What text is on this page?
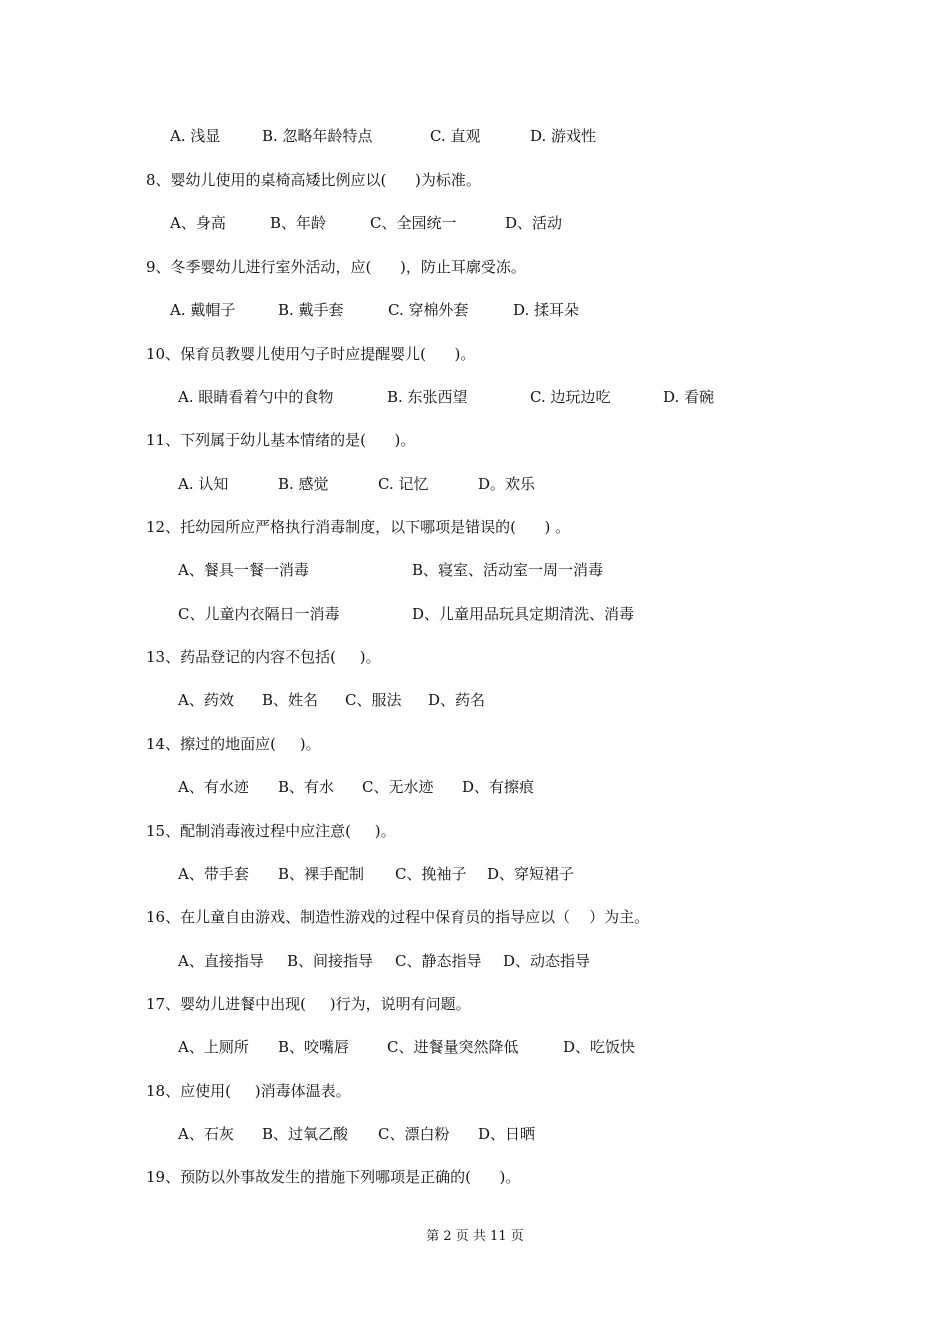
A. 浅显	B. 忽略年龄特点	C. 直观	D. 游戏性
8、婴幼儿使用的桌椅高矮比例应以(      )为标准。
A、身高	B、年龄	C、全园统一	D、活动
9、冬季婴幼儿进行室外活动，应(      )，防止耳廓受冻。
A. 戴帽子	B. 戴手套	C. 穿棉外套	D. 揉耳朵
10、保育员教婴儿使用勺子时应提醒婴儿(      )。
A. 眼睛看着勺中的食物	B. 东张西望	C. 边玩边吃	D. 看碗
11、下列属于幼儿基本情绪的是(      )。
A. 认知	B. 感觉	C. 记忆	D。欢乐
12、托幼园所应严格执行消毒制度，以下哪项是错误的(      ) 。
A、餐具一餐一消毒	B、寝室、活动室一周一消毒
C、儿童内衣隔日一消毒	D、儿童用品玩具定期清洗、消毒
13、药品登记的内容不包括(     )。
A、药效 B、姓名 C、服法 D、药名
14、擦过的地面应(     )。
A、有水迹 B、有水 C、无水迹 D、有擦痕
15、配制消毒液过程中应注意(     )。
A、带手套 B、裸手配制 C、挽袖子 D、穿短裙子
16、在儿童自由游戏、制造性游戏的过程中保育员的指导应以（    ）为主。
A、直接指导 B、间接指导 C、静态指导 D、动态指导
17、婴幼儿进餐中出现(     )行为，说明有问题。
A、上厕所 B、咬嘴唇	C、进餐量突然降低	D、吃饭快
18、应使用(     )消毒体温表。
A、石灰 B、过氧乙酸 C、漂白粉 D、日晒
19、预防以外事故发生的措施下列哪项是正确的(      )。
第 2 页 共 11 页
